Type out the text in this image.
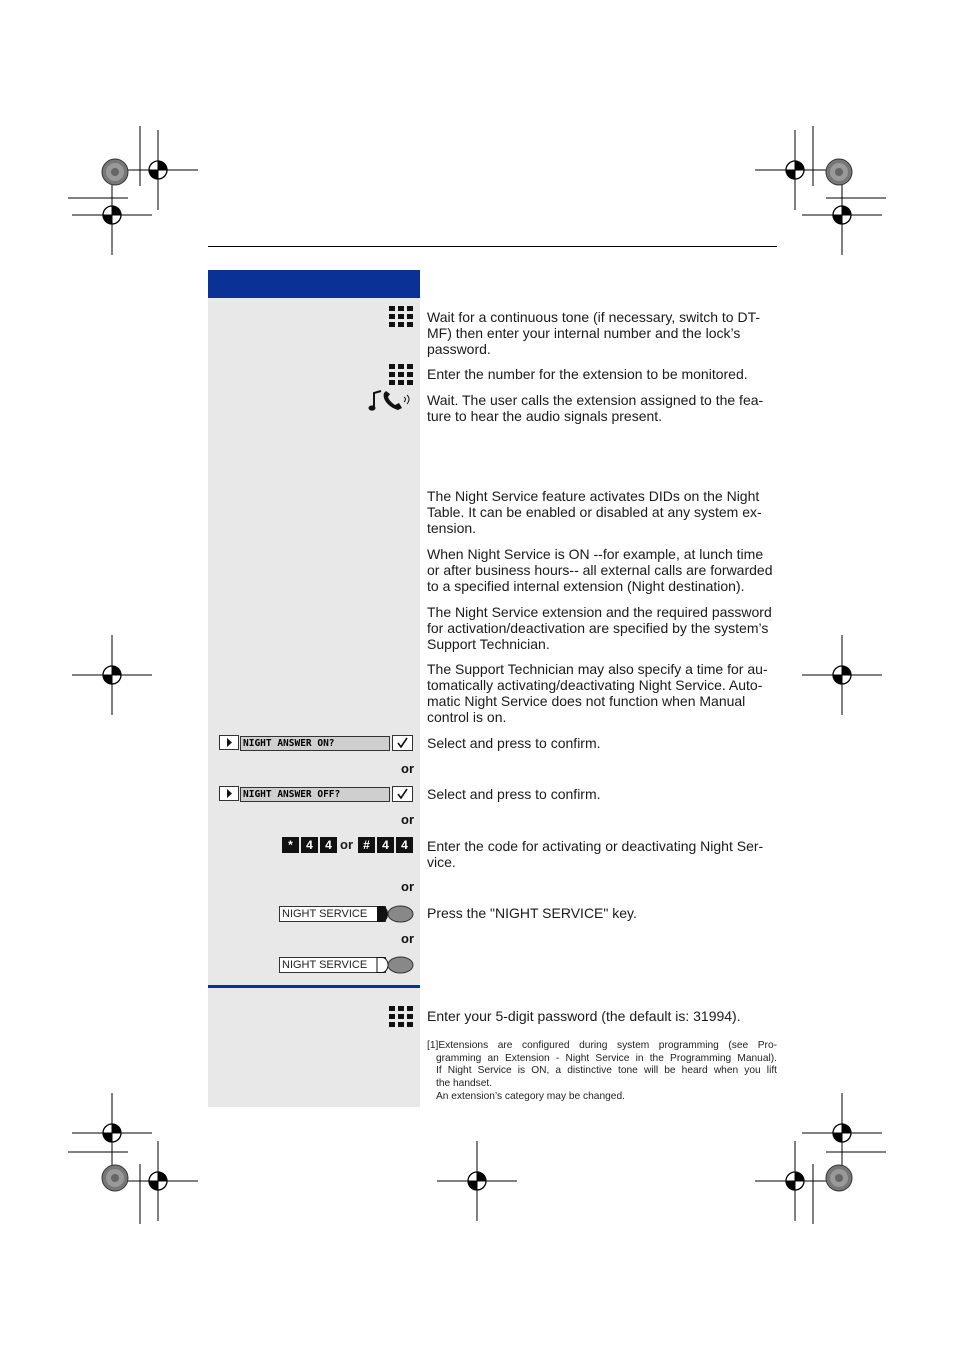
Wait for a continuous tone (if necessary, switch to DT-
MF) then enter your internal number and the lock’s
password.
Enter the number for the extension to be monitored.
Wait. The user calls the extension assigned to the fea-
ture to hear the audio signals present.
The Night Service feature activates DIDs on the Night
Table. It can be enabled or disabled at any system ex-
tension.
When Night Service is ON --for example, at lunch time
or after business hours-- all external calls are forwarded
to a specified internal extension (Night destination).
The Night Service extension and the required password
for activation/deactivation are specified by the system’s
Support Technician.
The Support Technician may also specify a time for au-
tomatically activating/deactivating Night Service. Auto-
matic Night Service does not function when Manual
control is on.
NIGHT ANSWER ON?	Select and press to confirm.
or
NIGHT ANSWER OFF?	Select and press to confirm.
or
*	4	4 or #	4	4	Enter the code for activating or deactivating Night Ser-
vice.
or
NIGHT SERVICE	Press the "NIGHT SERVICE" key.
or
NIGHT SERVICE
Enter your 5-digit password (the default is: 31994).
[1]Extensions are configured during system programming (see Pro-
gramming an Extension - Night Service in the Programming Manual).
If Night Service is ON, a distinctive tone will be heard when you lift
the handset.
An extension’s category may be changed.
